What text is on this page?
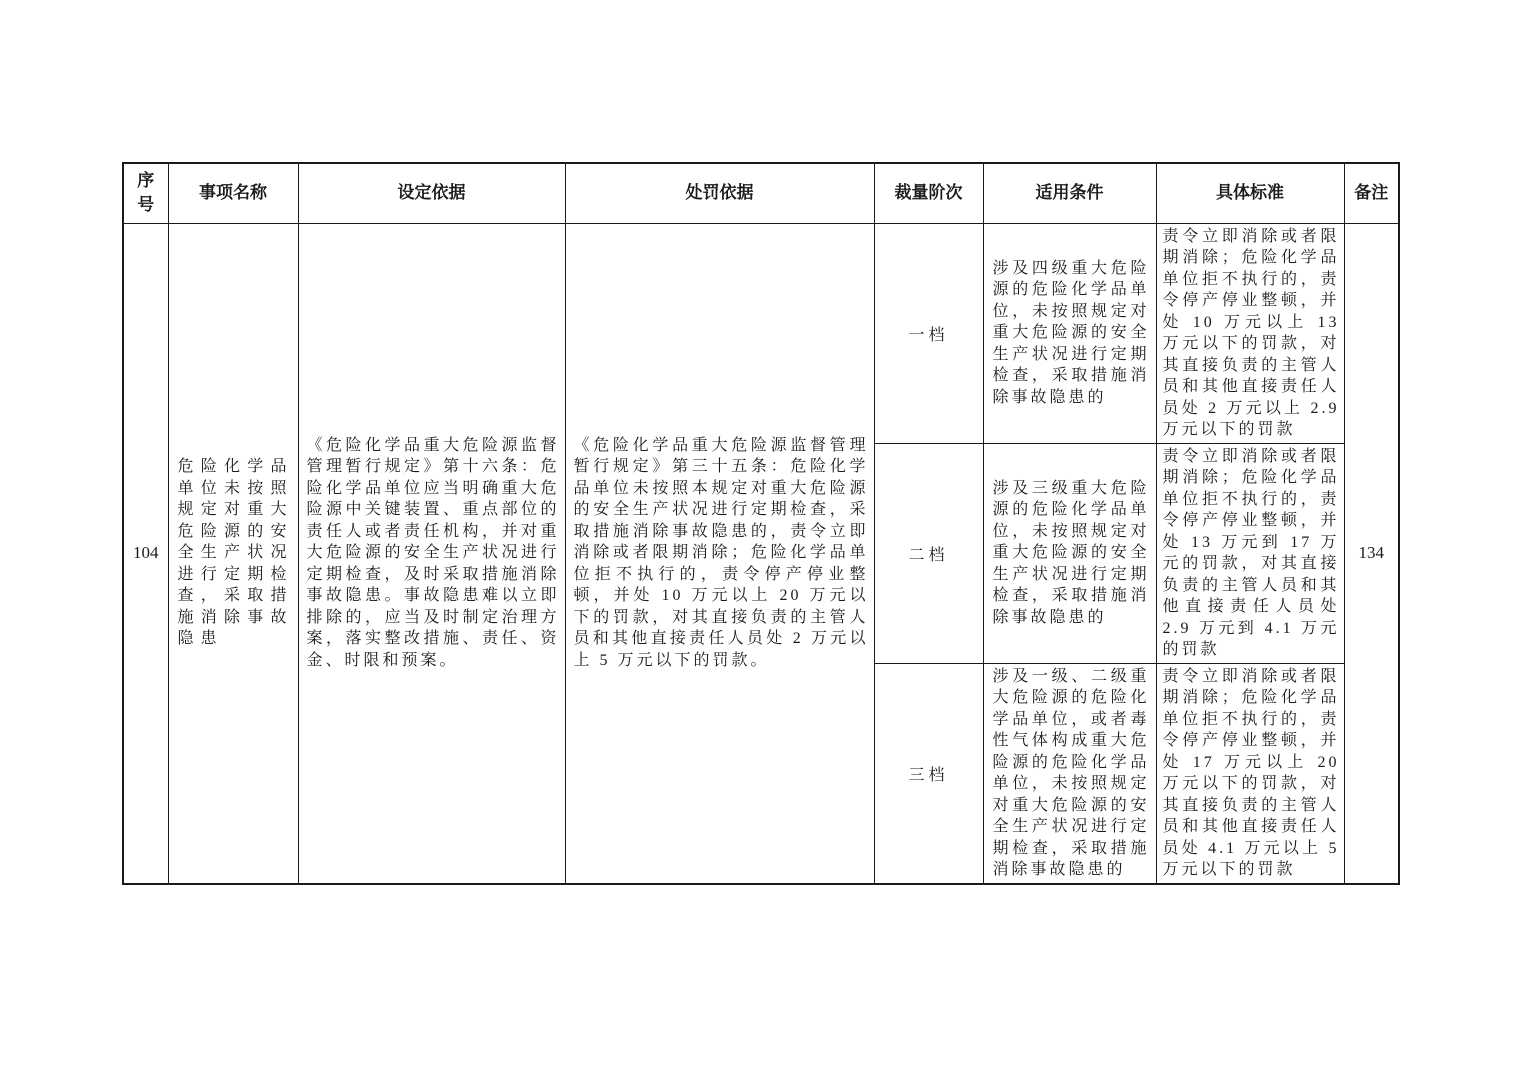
序号	事项名称	设定依据	处罚依据	裁量阶次	适用条件	具体标准	备注
104	危险化学品单位未按照规定对重大危险源的安全生产状况进行定期检查，采取措施消除事故隐患	《危险化学品重大危险源监督管理暂行规定》第十六条：危险化学品单位应当明确重大危险源中关键装置、重点部位的责任人或者责任机构，并对重大危险源的安全生产状况进行定期检查，及时采取措施消除事故隐患。事故隐患难以立即排除的，应当及时制定治理方案，落实整改措施、责任、资金、时限和预案。	《危险化学品重大危险源监督管理暂行规定》第三十五条：危险化学品单位未按照本规定对重大危险源的安全生产状况进行定期检查，采取措施消除事故隐患的，责令立即消除或者限期消除；危险化学品单位拒不执行的，责令停产停业整顿，并处 10 万元以上 20 万元以下的罚款，对其直接负责的主管人员和其他直接责任人员处 2 万元以上 5 万元以下的罚款。	一档	涉及四级重大危险源的危险化学品单位，未按照规定对重大危险源的安全生产状况进行定期检查，采取措施消除事故隐患的	责令立即消除或者限期消除；危险化学品单位拒不执行的，责令停产停业整顿，并处 10 万元以上 13 万元以下的罚款，对其直接负责的主管人员和其他直接责任人员处 2 万元以上 2.9 万元以下的罚款	134
				二档	涉及三级重大危险源的危险化学品单位，未按照规定对重大危险源的安全生产状况进行定期检查，采取措施消除事故隐患的	责令立即消除或者限期消除；危险化学品单位拒不执行的，责令停产停业整顿，并处 13 万元到 17 万元的罚款，对其直接负责的主管人员和其他直接责任人员处 2.9 万元到 4.1 万元的罚款	
				三档	涉及一级、二级重大危险源的危险化学品单位，或者毒性气体构成重大危险源的危险化学品单位，未按照规定对重大危险源的安全生产状况进行定期检查，采取措施消除事故隐患的	责令立即消除或者限期消除；危险化学品单位拒不执行的，责令停产停业整顿，并处 17 万元以上 20 万元以下的罚款，对其直接负责的主管人员和其他直接责任人员处 4.1 万元以上 5 万元以下的罚款	
